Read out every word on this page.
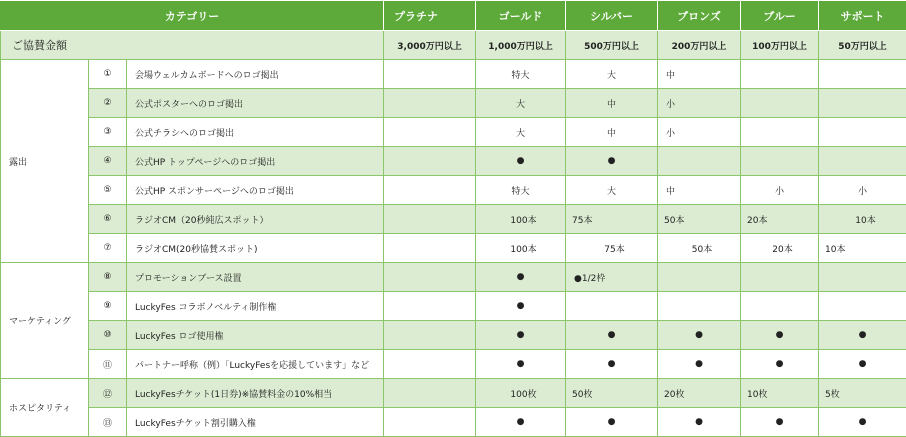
カテゴリー			プラチナ	ゴールド	シルバー	ブロンズ	ブルー	サポート
ご協賛金額			3,000万円以上	1,000万円以上	500万円以上	200万円以上	100万円以上	50万円以上
露出	①	会場ウェルカムボードへのロゴ掲出		特大	大	中		
	②	公式ポスターへのロゴ掲出		大	中	小		
	③	公式チラシへのロゴ掲出		大	中	小		
	④	公式HP トップページへのロゴ掲出		●	●			
	⑤	公式HP スポンサーページへのロゴ掲出		特大	大	中	小	小
	⑥	ラジオCM（20秒純広スポット）		100本	75本	50本	20本	10本
	⑦	ラジオCM(20秒協賛スポット)		100本	75本	50本	20本	10本
マーケティング	⑧	プロモーションブース設置		●	●1/2枠			
	⑨	LuckyFes コラボノベルティ制作権		●				
	⑩	LuckyFes ロゴ使用権		●	●	●	●	●
	⑪	パートナー呼称（例）「LuckyFesを応援しています」など		●	●	●	●	●
ホスピタリティ	⑫	LuckyFesチケット(1日券)※協賛料金の10%相当		100枚	50枚	20枚	10枚	5枚
	⑬	LuckyFesチケット割引購入権		●	●	●	●	●
